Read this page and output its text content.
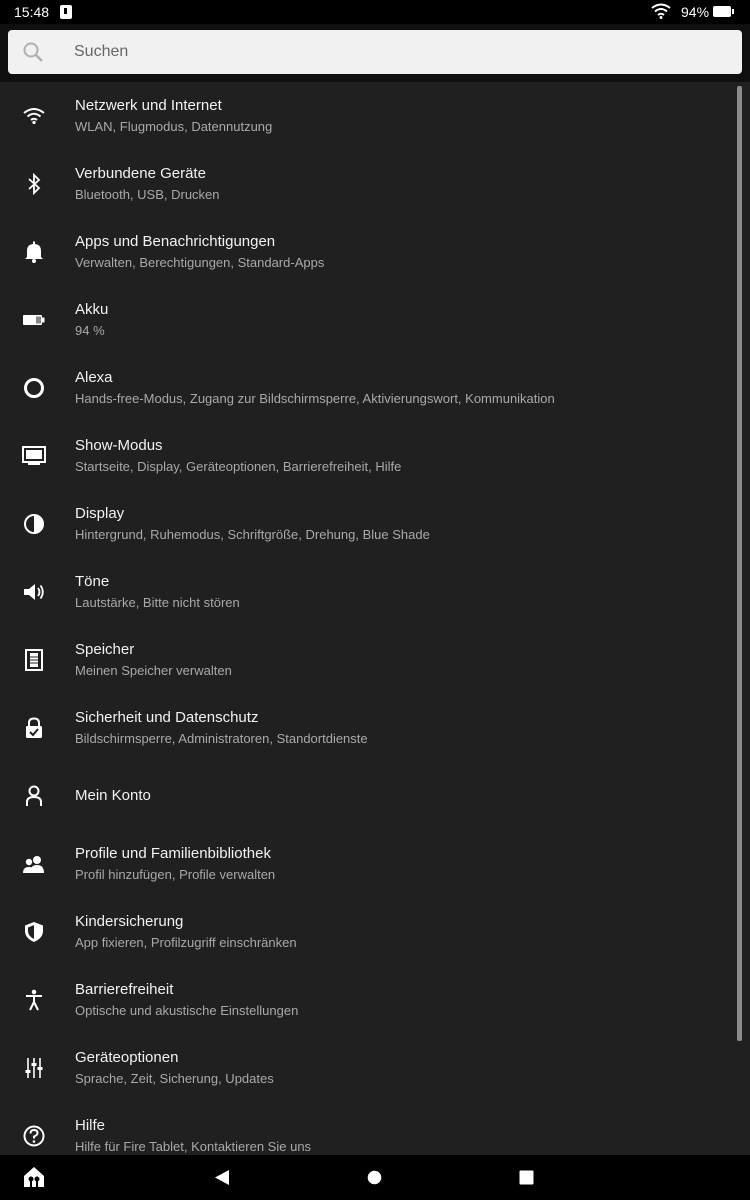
15:48	94%
Suchen
Netzwerk und Internet
WLAN, Flugmodus, Datennutzung
Verbundene Geräte
Bluetooth, USB, Drucken
Apps und Benachrichtigungen
Verwalten, Berechtigungen, Standard-Apps
Akku
94 %
Alexa
Hands-free-Modus, Zugang zur Bildschirmsperre, Aktivierungswort, Kommunikation
Show-Modus
Startseite, Display, Geräteoptionen, Barrierefreiheit, Hilfe
Display
Hintergrund, Ruhemodus, Schriftgröße, Drehung, Blue Shade
Töne
Lautstärke, Bitte nicht stören
Speicher
Meinen Speicher verwalten
Sicherheit und Datenschutz
Bildschirmsperre, Administratoren, Standortdienste
Mein Konto
Profile und Familienbibliothek
Profil hinzufügen, Profile verwalten
Kindersicherung
App fixieren, Profilzugriff einschränken
Barrierefreiheit
Optische und akustische Einstellungen
Geräteoptionen
Sprache, Zeit, Sicherung, Updates
Hilfe
Hilfe für Fire Tablet, Kontaktieren Sie uns
